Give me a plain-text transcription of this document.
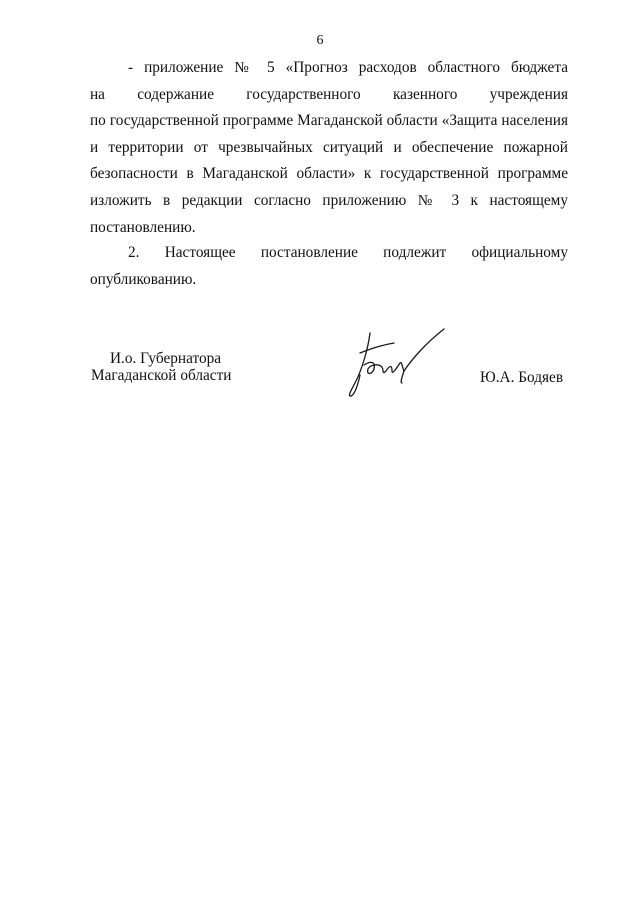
6
- приложение № 5 «Прогноз расходов областного бюджета
на содержание государственного казенного учреждения
по государственной программе Магаданской области «Защита населения
и территории от чрезвычайных ситуаций и обеспечение пожарной
безопасности в Магаданской области» к государственной программе
изложить в редакции согласно приложению № 3 к настоящему
постановлению.
2. Настоящее постановление подлежит официальному
опубликованию.
И.о. Губернатора
Магаданской области	Ю.А. Бодяев
